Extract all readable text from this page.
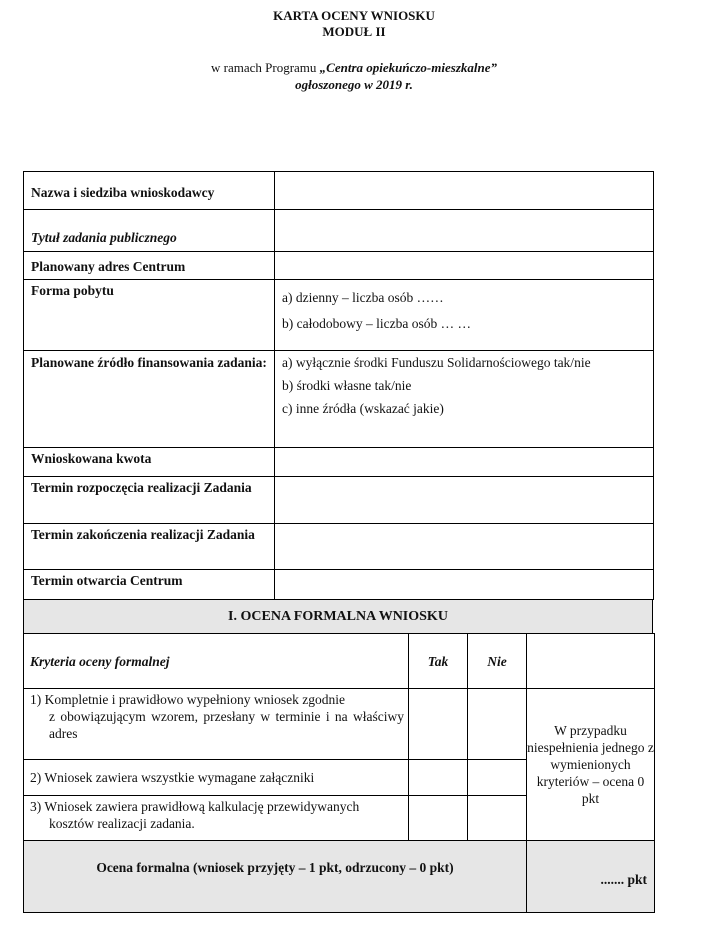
KARTA OCENY WNIOSKU
MODUŁ II
w ramach Programu „Centra opiekuńczo-mieszkalne”
ogłoszonego w 2019 r.
Nazwa i siedziba wnioskodawcy	
Tytuł zadania publicznego	
Planowany adres Centrum	
Forma pobytu	a) dzienny – liczba osób ……
b) całodobowy – liczba osób … …

Planowane źródło finansowania zadania:	a) wyłącznie środki Funduszu Solidarnościowego tak/nie
b) środki własne tak/nie
c) inne źródła (wskazać jakie)

Wnioskowana kwota	
Termin rozpoczęcia realizacji Zadania	
Termin zakończenia realizacji Zadania	
Termin otwarcia Centrum	
I. OCENA FORMALNA WNIOSKU
Kryteria oceny formalnej	Tak	Nie	
1) Kompletnie i prawidłowo wypełniony wniosek zgodnie
z obowiązującym wzorem, przesłany w terminie i na właściwy adres			W przypadku niespełnienia jednego z wymienionych kryteriów – ocena 0 pkt
2) Wniosek zawiera wszystkie wymagane załączniki			
3) Wniosek zawiera prawidłową kalkulację przewidywanych
kosztów realizacji zadania.			

Ocena formalna (wniosek przyjęty – 1 pkt, odrzucony – 0 pkt)			....... pkt
